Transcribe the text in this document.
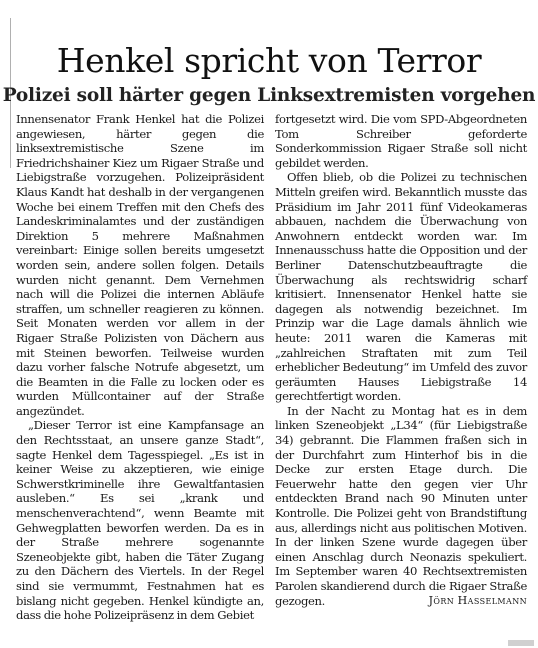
Henkel spricht von Terror
Polizei soll härter gegen Linksextremisten vorgehen

Innensenator Frank Henkel hat die Polizei angewiesen, härter gegen die linksextremistische Szene im Friedrichshainer Kiez um Rigaer Straße und Liebigstraße vorzugehen. Polizeipräsident Klaus Kandt hat deshalb in der vergangenen Woche bei einem Treffen mit den Chefs des Landeskriminalamtes und der zuständigen Direktion 5 mehrere Maßnahmen vereinbart: Einige sollen bereits umgesetzt worden sein, andere sollen folgen. Details wurden nicht genannt. Dem Vernehmen nach will die Polizei die internen Abläufe straffen, um schneller reagieren zu können. Seit Monaten werden vor allem in der Rigaer Straße Polizisten von Dächern aus mit Steinen beworfen. Teilweise wurden dazu vorher falsche Notrufe abgesetzt, um die Beamten in die Falle zu locken oder es wurden Müllcontainer auf der Straße angezündet.

„Dieser Terror ist eine Kampfansage an den Rechtsstaat, an unsere ganze Stadt“, sagte Henkel dem Tagesspiegel. „Es ist in keiner Weise zu akzeptieren, wie einige Schwerstkriminelle ihre Gewaltfantasien ausleben.“ Es sei „krank und menschenverachtend“, wenn Beamte mit Gehwegplatten beworfen werden. Da es in der Straße mehrere sogenannte Szeneobjekte gibt, haben die Täter Zugang zu den Dächern des Viertels. In der Regel sind sie vermummt, Festnahmen hat es bislang nicht gegeben. Henkel kündigte an, dass die hohe Polizeipräsenz in dem Gebiet

fortgesetzt wird. Die vom SPD-Abgeordneten Tom Schreiber geforderte Sonderkommission Rigaer Straße soll nicht gebildet werden.

Offen blieb, ob die Polizei zu technischen Mitteln greifen wird. Bekanntlich musste das Präsidium im Jahr 2011 fünf Videokameras abbauen, nachdem die Überwachung von Anwohnern entdeckt worden war. Im Innenausschuss hatte die Opposition und der Berliner Datenschutzbeauftragte die Überwachung als rechtswidrig scharf kritisiert. Innensenator Henkel hatte sie dagegen als notwendig bezeichnet. Im Prinzip war die Lage damals ähnlich wie heute: 2011 waren die Kameras mit „zahlreichen Straftaten mit zum Teil erheblicher Bedeutung“ im Umfeld des zuvor geräumten Hauses Liebigstraße 14 gerechtfertigt worden.

In der Nacht zu Montag hat es in dem linken Szeneobjekt „L34“ (für Liebigstraße 34) gebrannt. Die Flammen fraßen sich in der Durchfahrt zum Hinterhof bis in die Decke zur ersten Etage durch. Die Feuerwehr hatte den gegen vier Uhr entdeckten Brand nach 90 Minuten unter Kontrolle. Die Polizei geht von Brandstiftung aus, allerdings nicht aus politischen Motiven. In der linken Szene wurde dagegen über einen Anschlag durch Neonazis spekuliert. Im September waren 40 Rechtsextremisten Parolen skandierend durch die Rigaer Straße gezogen.	Jörn Hasselmann
